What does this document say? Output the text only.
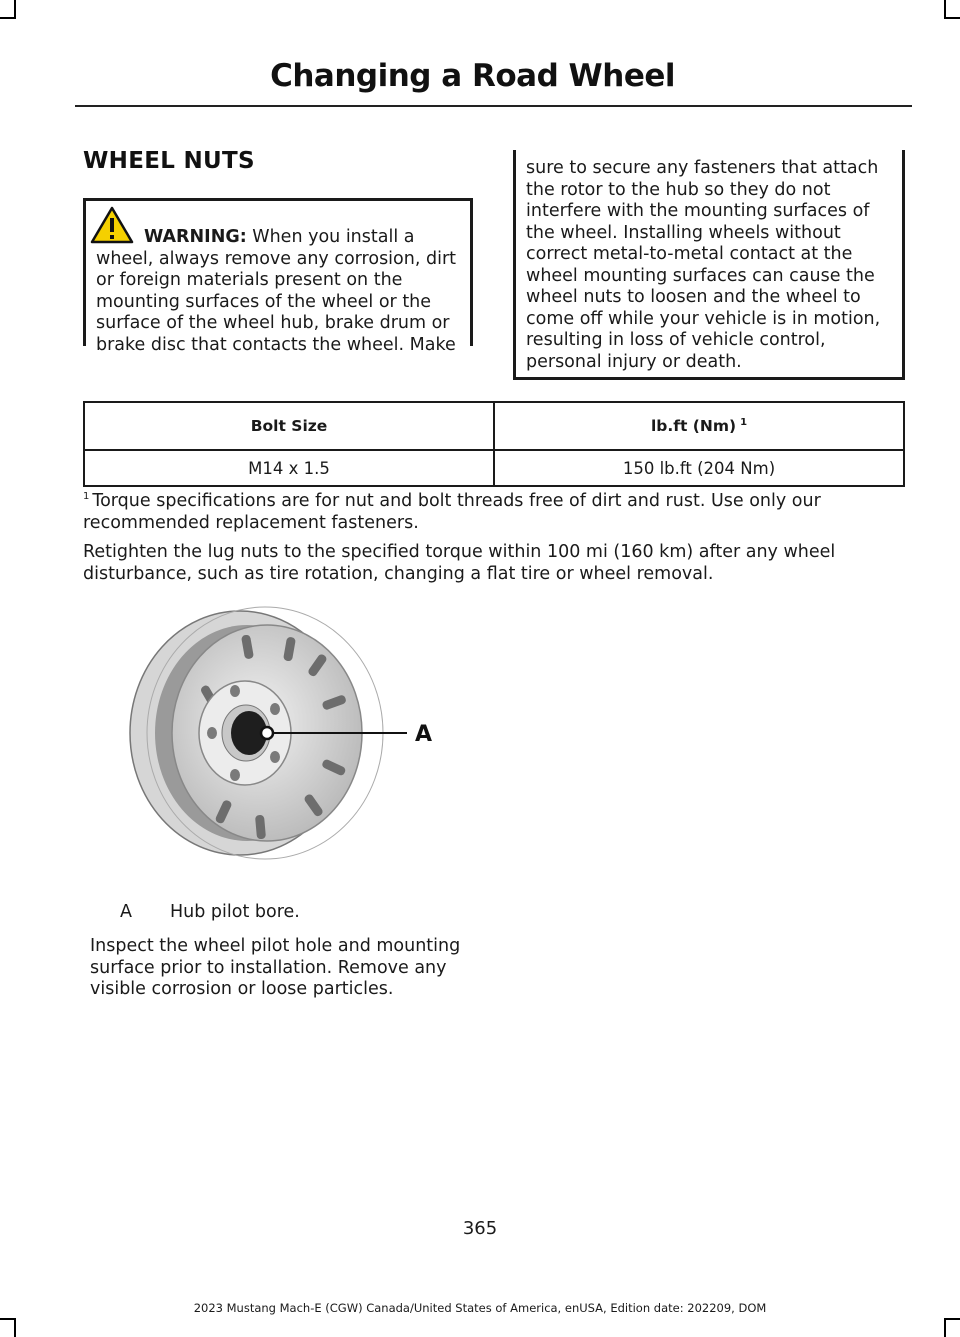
Changing a Road Wheel
WHEEL NUTS
WARNING: When you install a wheel, always remove any corrosion, dirt or foreign materials present on the mounting surfaces of the wheel or the surface of the wheel hub, brake drum or brake disc that contacts the wheel. Make
sure to secure any fasteners that attach the rotor to the hub so they do not interfere with the mounting surfaces of the wheel. Installing wheels without correct metal-to-metal contact at the wheel mounting surfaces can cause the wheel nuts to loosen and the wheel to come off while your vehicle is in motion, resulting in loss of vehicle control, personal injury or death.
Bolt Size	lb.ft (Nm) $^1$
M14 x 1.5	150 lb.ft (204 Nm)
$^1$ Torque specifications are for nut and bolt threads free of dirt and rust. Use only our recommended replacement fasteners.
Retighten the lug nuts to the specified torque within 100 mi (160 km) after any wheel disturbance, such as tire rotation, changing a flat tire or wheel removal.
A
A Hub pilot bore.
Inspect the wheel pilot hole and mounting surface prior to installation. Remove any visible corrosion or loose particles.
365
2023 Mustang Mach-E (CGW) Canada/United States of America, enUSA, Edition date: 202209, DOM
